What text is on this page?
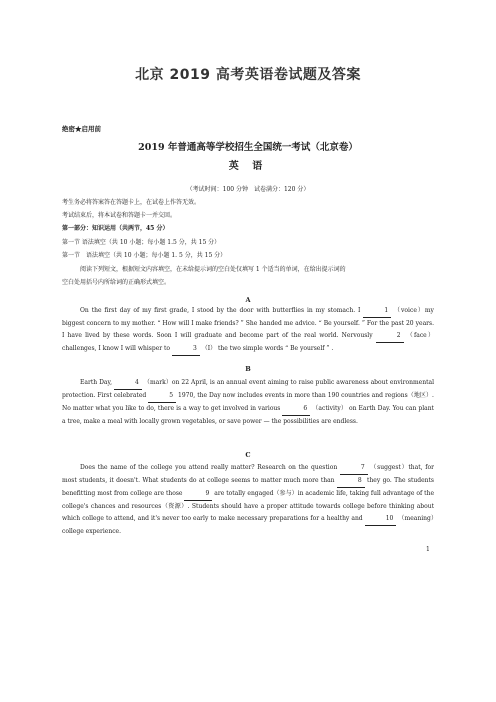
北京 2019 高考英语卷试题及答案
绝密★启用前
2019 年普通高等学校招生全国统一考试（北京卷）
英 语
（考试时间：100 分钟　试卷满分：120 分）
考生务必将答案答在答题卡上，在试卷上作答无效。
考试结束后，将本试卷和答题卡一并交回。
第一部分：知识运用（共两节，45 分）
第一节 语法填空（共 10 小题；每小题 1.5 分，共 15 分）
第一节　语法填空（共 10 小题；每小题 1. 5 分，共 15 分）
阅读下列短文，根据短文内容填空，在未给提示词的空白处仅填写 1 个适当的单词，在给出提示词的
空白处用括号内所给词的正确形式填空。
A
On the first day of my first grade, I stood by the door with butterflies in my stomach. I	1 （voice）my biggest concern to my mother. “ How will I make friends? ” She handed me advice. “ Be yourself. ” For the past 20 years. I have lived by these words. Soon I will graduate and become part of the real world. Nervously	2 （face） challenges, I know I will whisper to	3 （I） the two simple words “ Be yourself ” .
B
Earth Day,	4 （mark）on 22 April, is an annual event aiming to raise public awareness about environmental protection. First celebrated	5 1970, the Day now includes events in more than 190 countries and regions（地区）. No matter what you like to do, there is a way to get involved in various	6 （activity） on Earth Day. You can plant a tree, make a meal with locally grown vegetables, or save power — the possibilities are endless.
C
Does the name of the college you attend really matter? Research on the question	7 （suggest）that, for most students, it doesn't. What students do at college seems to matter much more than	8 they go. The students benefitting most from college are those	9 are totally engaged（参与）in academic life, taking full advantage of the college's chances and resources（资源）. Students should have a proper attitude towards college before thinking about which college to attend, and it's never too early to make necessary preparations for a healthy and	10 （meaning）college experience.
1
